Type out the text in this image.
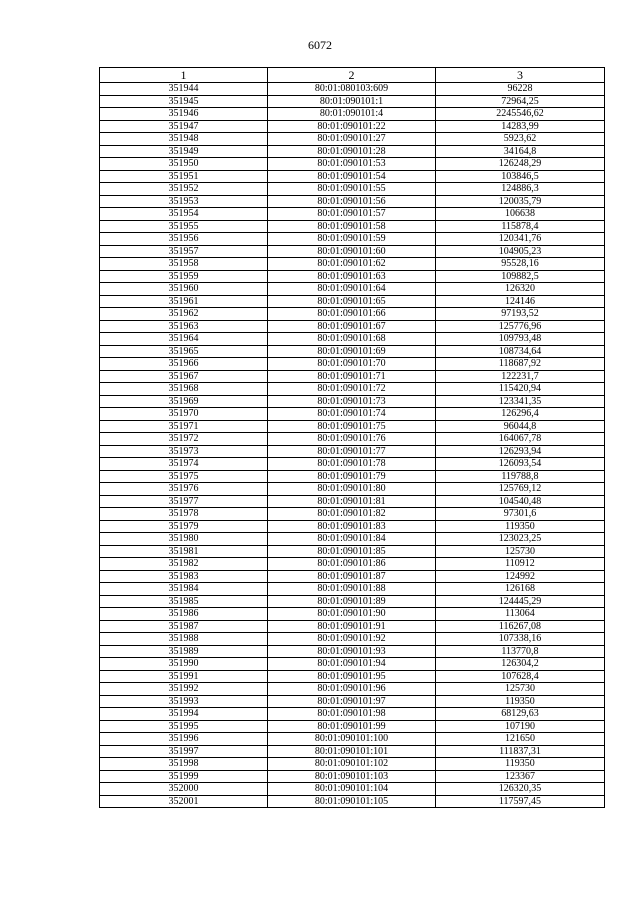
6072
1	2	3
351944	80:01:080103:609	96228
351945	80:01:090101:1	72964,25
351946	80:01:090101:4	2245546,62
351947	80:01:090101:22	14283,99
351948	80:01:090101:27	5923,62
351949	80:01:090101:28	34164,8
351950	80:01:090101:53	126248,29
351951	80:01:090101:54	103846,5
351952	80:01:090101:55	124886,3
351953	80:01:090101:56	120035,79
351954	80:01:090101:57	106638
351955	80:01:090101:58	115878,4
351956	80:01:090101:59	120341,76
351957	80:01:090101:60	104905,23
351958	80:01:090101:62	95528,16
351959	80:01:090101:63	109882,5
351960	80:01:090101:64	126320
351961	80:01:090101:65	124146
351962	80:01:090101:66	97193,52
351963	80:01:090101:67	125776,96
351964	80:01:090101:68	109793,48
351965	80:01:090101:69	108734,64
351966	80:01:090101:70	118687,92
351967	80:01:090101:71	122231,7
351968	80:01:090101:72	115420,94
351969	80:01:090101:73	123341,35
351970	80:01:090101:74	126296,4
351971	80:01:090101:75	96044,8
351972	80:01:090101:76	164067,78
351973	80:01:090101:77	126293,94
351974	80:01:090101:78	126093,54
351975	80:01:090101:79	119788,8
351976	80:01:090101:80	125769,12
351977	80:01:090101:81	104540,48
351978	80:01:090101:82	97301,6
351979	80:01:090101:83	119350
351980	80:01:090101:84	123023,25
351981	80:01:090101:85	125730
351982	80:01:090101:86	110912
351983	80:01:090101:87	124992
351984	80:01:090101:88	126168
351985	80:01:090101:89	124445,29
351986	80:01:090101:90	113064
351987	80:01:090101:91	116267,08
351988	80:01:090101:92	107338,16
351989	80:01:090101:93	113770,8
351990	80:01:090101:94	126304,2
351991	80:01:090101:95	107628,4
351992	80:01:090101:96	125730
351993	80:01:090101:97	119350
351994	80:01:090101:98	68129,63
351995	80:01:090101:99	107190
351996	80:01:090101:100	121650
351997	80:01:090101:101	111837,31
351998	80:01:090101:102	119350
351999	80:01:090101:103	123367
352000	80:01:090101:104	126320,35
352001	80:01:090101:105	117597,45
